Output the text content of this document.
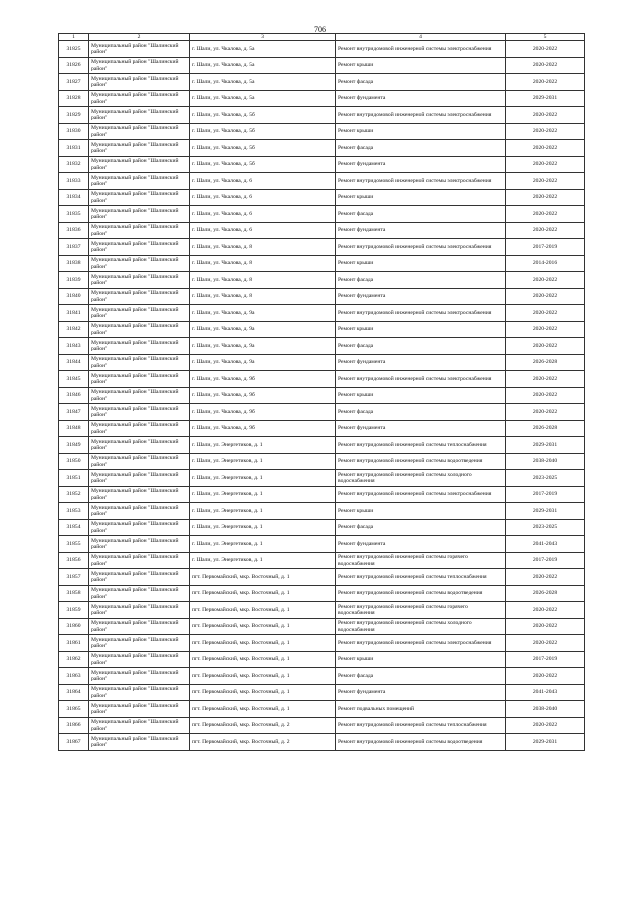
706
1	2	3	4	5
31825	Муниципальный район "Шалинский район"	г. Шали, ул. Чкалова, д. 5а	Ремонт внутридомовой инженерной системы электроснабжения	2020-2022
31826	Муниципальный район "Шалинский район"	г. Шали, ул. Чкалова, д. 5а	Ремонт крыши	2020-2022
31827	Муниципальный район "Шалинский район"	г. Шали, ул. Чкалова, д. 5а	Ремонт фасада	2020-2022
31828	Муниципальный район "Шалинский район"	г. Шали, ул. Чкалова, д. 5а	Ремонт фундамента	2029-2031
31829	Муниципальный район "Шалинский район"	г. Шали, ул. Чкалова, д. 5б	Ремонт внутридомовой инженерной системы электроснабжения	2020-2022
31830	Муниципальный район "Шалинский район"	г. Шали, ул. Чкалова, д. 5б	Ремонт крыши	2020-2022
31831	Муниципальный район "Шалинский район"	г. Шали, ул. Чкалова, д. 5б	Ремонт фасада	2020-2022
31832	Муниципальный район "Шалинский район"	г. Шали, ул. Чкалова, д. 5б	Ремонт фундамента	2020-2022
31833	Муниципальный район "Шалинский район"	г. Шали, ул. Чкалова, д. 6	Ремонт внутридомовой инженерной системы электроснабжения	2020-2022
31834	Муниципальный район "Шалинский район"	г. Шали, ул. Чкалова, д. 6	Ремонт крыши	2020-2022
31835	Муниципальный район "Шалинский район"	г. Шали, ул. Чкалова, д. 6	Ремонт фасада	2020-2022
31836	Муниципальный район "Шалинский район"	г. Шали, ул. Чкалова, д. 6	Ремонт фундамента	2020-2022
31837	Муниципальный район "Шалинский район"	г. Шали, ул. Чкалова, д. 8	Ремонт внутридомовой инженерной системы электроснабжения	2017-2019
31838	Муниципальный район "Шалинский район"	г. Шали, ул. Чкалова, д. 8	Ремонт крыши	2014-2016
31839	Муниципальный район "Шалинский район"	г. Шали, ул. Чкалова, д. 8	Ремонт фасада	2020-2022
31840	Муниципальный район "Шалинский район"	г. Шали, ул. Чкалова, д. 8	Ремонт фундамента	2020-2022
31841	Муниципальный район "Шалинский район"	г. Шали, ул. Чкалова, д. 9а	Ремонт внутридомовой инженерной системы электроснабжения	2020-2022
31842	Муниципальный район "Шалинский район"	г. Шали, ул. Чкалова, д. 9а	Ремонт крыши	2020-2022
31843	Муниципальный район "Шалинский район"	г. Шали, ул. Чкалова, д. 9а	Ремонт фасада	2020-2022
31844	Муниципальный район "Шалинский район"	г. Шали, ул. Чкалова, д. 9а	Ремонт фундамента	2026-2028
31845	Муниципальный район "Шалинский район"	г. Шали, ул. Чкалова, д. 9б	Ремонт внутридомовой инженерной системы электроснабжения	2020-2022
31846	Муниципальный район "Шалинский район"	г. Шали, ул. Чкалова, д. 9б	Ремонт крыши	2020-2022
31847	Муниципальный район "Шалинский район"	г. Шали, ул. Чкалова, д. 9б	Ремонт фасада	2020-2022
31848	Муниципальный район "Шалинский район"	г. Шали, ул. Чкалова, д. 9б	Ремонт фундамента	2026-2028
31849	Муниципальный район "Шалинский район"	г. Шали, ул. Энергетиков, д. 1	Ремонт внутридомовой инженерной системы теплоснабжения	2029-2031
31850	Муниципальный район "Шалинский район"	г. Шали, ул. Энергетиков, д. 1	Ремонт внутридомовой инженерной системы водоотведения	2038-2040
31851	Муниципальный район "Шалинский район"	г. Шали, ул. Энергетиков, д. 1	Ремонт внутридомовой инженерной системы холодного водоснабжения	2023-2025
31852	Муниципальный район "Шалинский район"	г. Шали, ул. Энергетиков, д. 1	Ремонт внутридомовой инженерной системы электроснабжения	2017-2019
31853	Муниципальный район "Шалинский район"	г. Шали, ул. Энергетиков, д. 1	Ремонт крыши	2029-2031
31854	Муниципальный район "Шалинский район"	г. Шали, ул. Энергетиков, д. 1	Ремонт фасада	2023-2025
31855	Муниципальный район "Шалинский район"	г. Шали, ул. Энергетиков, д. 1	Ремонт фундамента	2041-2043
31856	Муниципальный район "Шалинский район"	г. Шали, ул. Энергетиков, д. 1	Ремонт внутридомовой инженерной системы горячего водоснабжения	2017-2019
31857	Муниципальный район "Шалинский район"	пгт. Первомайский, мкр. Восточный, д. 1	Ремонт внутридомовой инженерной системы теплоснабжения	2020-2022
31858	Муниципальный район "Шалинский район"	пгт. Первомайский, мкр. Восточный, д. 1	Ремонт внутридомовой инженерной системы водоотведения	2026-2028
31859	Муниципальный район "Шалинский район"	пгт. Первомайский, мкр. Восточный, д. 1	Ремонт внутридомовой инженерной системы горячего водоснабжения	2020-2022
31860	Муниципальный район "Шалинский район"	пгт. Первомайский, мкр. Восточный, д. 1	Ремонт внутридомовой инженерной системы холодного водоснабжения	2020-2022
31861	Муниципальный район "Шалинский район"	пгт. Первомайский, мкр. Восточный, д. 1	Ремонт внутридомовой инженерной системы электроснабжения	2020-2022
31862	Муниципальный район "Шалинский район"	пгт. Первомайский, мкр. Восточный, д. 1	Ремонт крыши	2017-2019
31863	Муниципальный район "Шалинский район"	пгт. Первомайский, мкр. Восточный, д. 1	Ремонт фасада	2020-2022
31864	Муниципальный район "Шалинский район"	пгт. Первомайский, мкр. Восточный, д. 1	Ремонт фундамента	2041-2043
31865	Муниципальный район "Шалинский район"	пгт. Первомайский, мкр. Восточный, д. 1	Ремонт подвальных помещений	2038-2040
31866	Муниципальный район "Шалинский район"	пгт. Первомайский, мкр. Восточный, д. 2	Ремонт внутридомовой инженерной системы теплоснабжения	2020-2022
31867	Муниципальный район "Шалинский район"	пгт. Первомайский, мкр. Восточный, д. 2	Ремонт внутридомовой инженерной системы водоотведения	2029-2031
